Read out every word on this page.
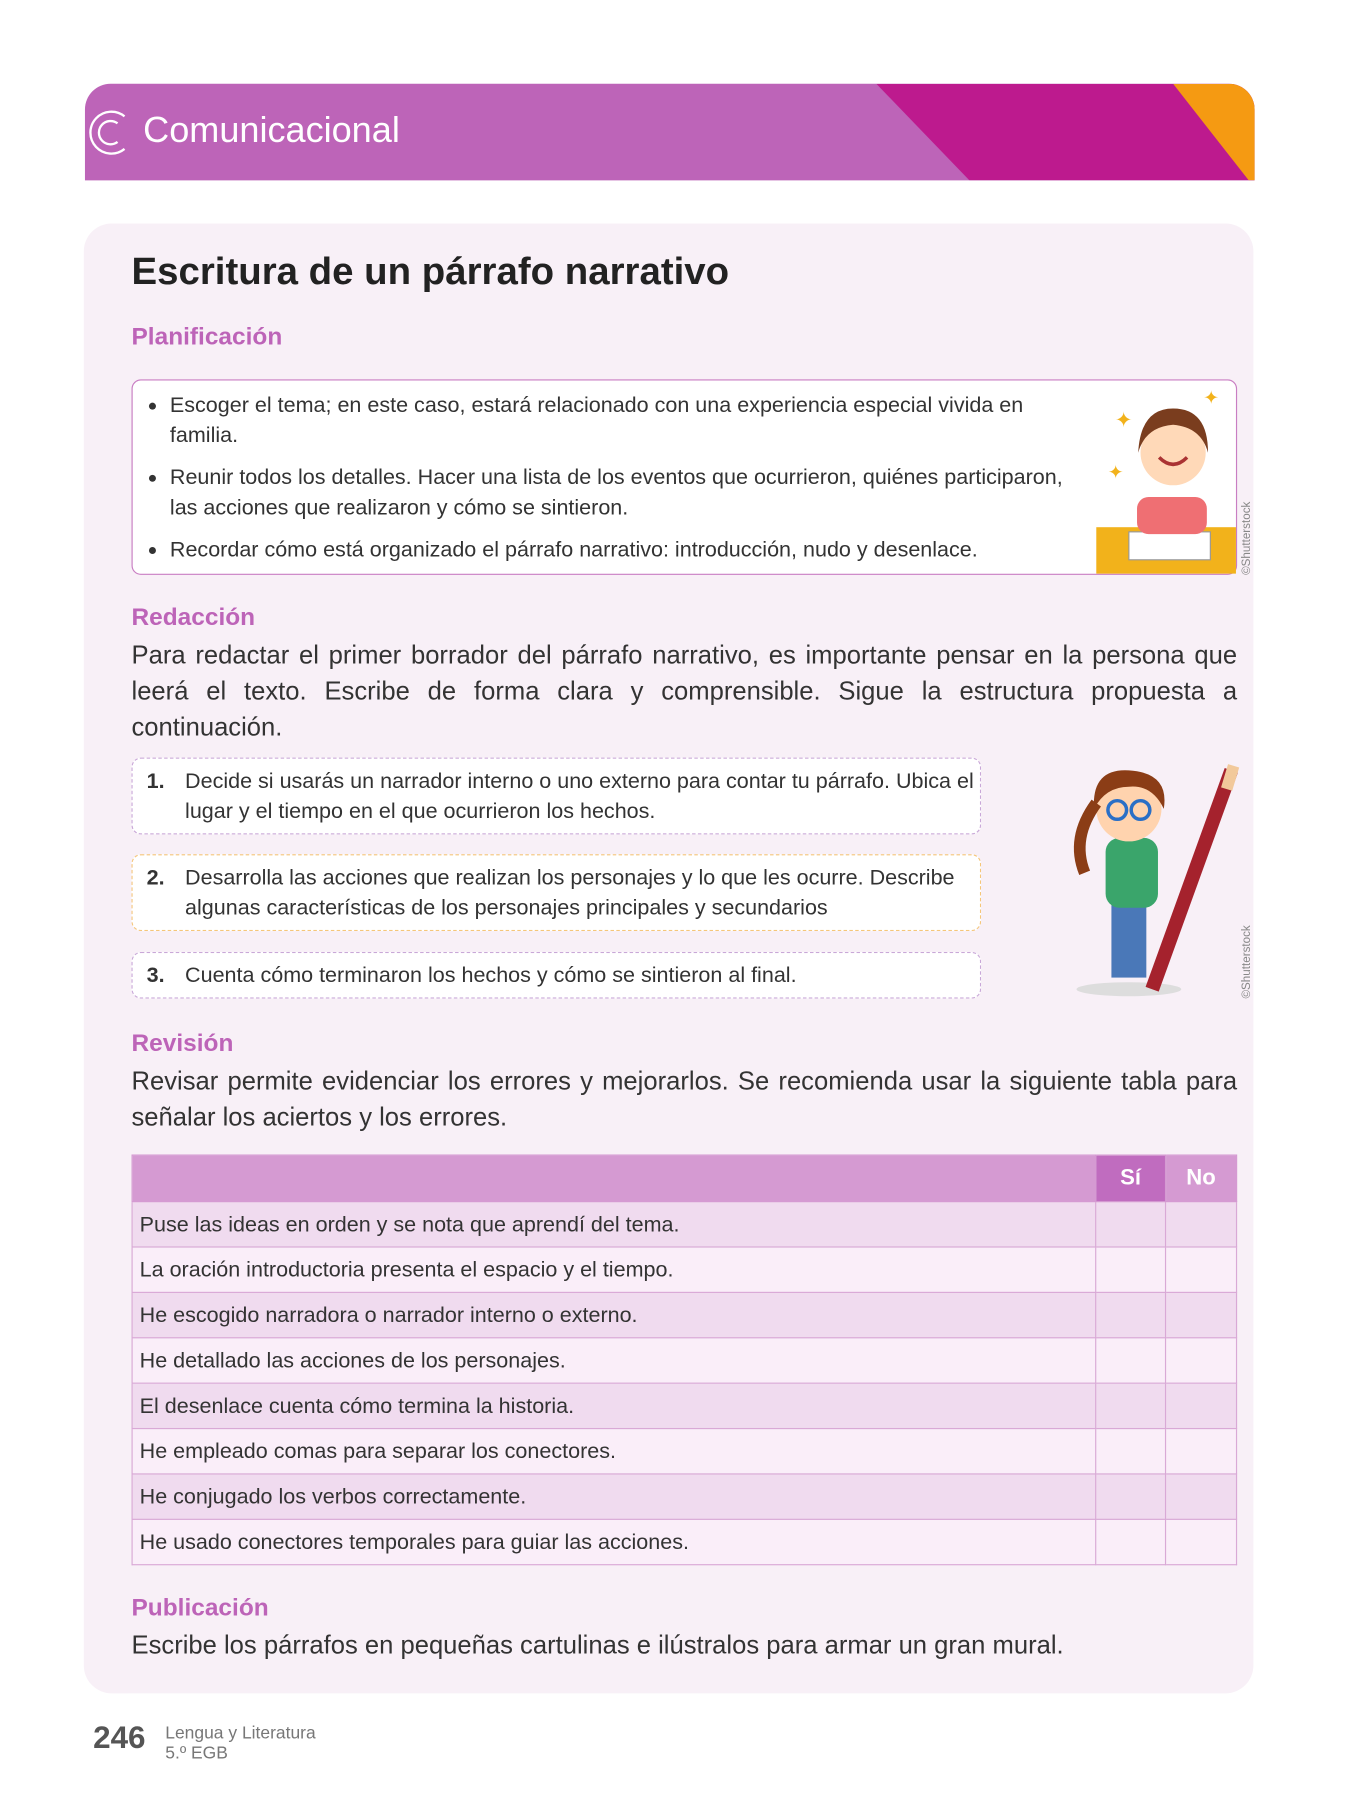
Comunicacional
DUA
Participación
Escritura de un párrafo narrativo
Planificación
• Escoger el tema; en este caso, estará relacionado con una experiencia especial vivida en familia.
• Reunir todos los detalles. Hacer una lista de los eventos que ocurrieron, quiénes participaron, las acciones que realizaron y cómo se sintieron.
• Recordar cómo está organizado el párrafo narrativo: introducción, nudo y desenlace.
✦
✦
✦
©Shutterstock
Redacción
Para redactar el primer borrador del párrafo narrativo, es importante pensar en la persona que leerá el texto. Escribe de forma clara y comprensible. Sigue la estructura propuesta a continuación.
1. Decide si usarás un narrador interno o uno externo para contar tu párrafo. Ubica el lugar y el tiempo en el que ocurrieron los hechos.
2. Desarrolla las acciones que realizan los personajes y lo que les ocurre. Describe algunas características de los personajes principales y secundarios
3. Cuenta cómo terminaron los hechos y cómo se sintieron al final.	©Shutterstock
Revisión
Revisar permite evidenciar los errores y mejorarlos. Se recomienda usar la siguiente tabla para señalar los aciertos y los errores.
	Sí	No
Puse las ideas en orden y se nota que aprendí del tema.		
La oración introductoria presenta el espacio y el tiempo.		
He escogido narradora o narrador interno o externo.		
He detallado las acciones de los personajes.		
El desenlace cuenta cómo termina la historia.		
He empleado comas para separar los conectores.		
He conjugado los verbos correctamente.		
He usado conectores temporales para guiar las acciones.		
Publicación
Escribe los párrafos en pequeñas cartulinas e ilústralos para armar un gran mural.
246 Lengua y Literatura
5.º EGB
